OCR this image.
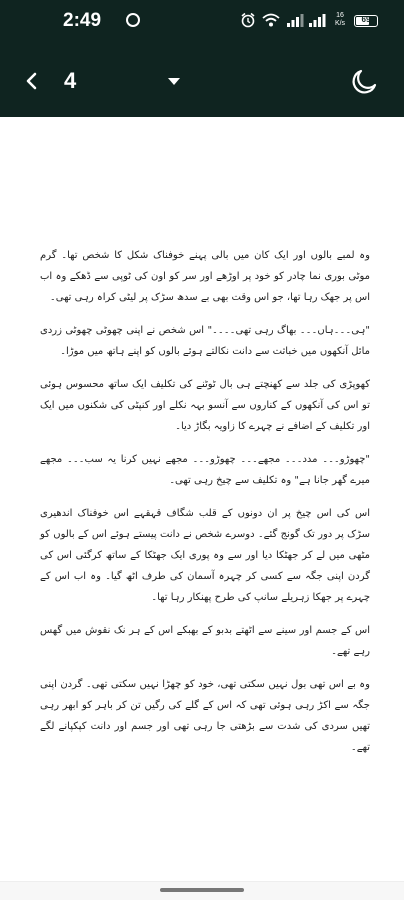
2:49	16
K/s	69
4

وہ لمبے بالوں اور ایک کان میں بالی پہنے خوفناک شکل کا شخص تھا۔ گرم موٹی بوری نما چادر کو خود پر اوڑھے اور سر کو اون کی ٹوپی سے ڈھکے وہ اب اس پر جھک رہا تھا، جو اس وقت بھی بے سدھ سڑک پر لیٹی کراہ رہی تھی۔

"ہی۔۔۔ہاں۔۔۔ بھاگ رہی تھی۔۔۔۔" اس شخص نے اپنی چھوٹی چھوٹی زردی مائل آنکھوں میں خباثت سے دانت نکالتے ہوئے بالوں کو اپنے ہاتھ میں موڑا۔

کھوپڑی کی جلد سے کھنچتے ہی بال ٹوٹنے کی تکلیف ایک ساتھ محسوس ہوئی تو اس کی آنکھوں کے کناروں سے آنسو بہہ نکلے اور کنپٹی کی شکنوں میں ایک اور تکلیف کے اضافے نے چہرے کا زاویہ بگاڑ دیا۔

"چھوڑو۔۔۔ مدد۔۔۔ مجھے۔۔۔ چھوڑو۔۔۔ مجھے نہیں کرنا یہ سب۔۔۔ مجھے میرے گھر جانا ہے" وہ تکلیف سے چیخ رہی تھی۔

اس کی اس چیخ پر ان دونوں کے قلب شگاف قہقہے اس خوفناک اندھیری سڑک پر دور تک گونج گئے۔ دوسرے شخص نے دانت پیستے ہوئے اس کے بالوں کو مٹھی میں لے کر جھٹکا دیا اور سے وہ پوری ایک جھٹکا کے ساتھ کرگئی اس کی گردن اپنی جگہ سے کسی کر چہرہ آسمان کی طرف اٹھ گیا۔ وہ اب اس کے چہرے پر جھکا زہریلے سانپ کی طرح پھنکار رہا تھا۔

اس کے جسم اور سینے سے اٹھتے بدبو کے بھبکے اس کے ہر نک نقوش میں گھس رہے تھے۔

وہ بے اس تھی بول نہیں سکتی تھی، خود کو چھڑا نہیں سکتی تھی۔ گردن اپنی جگہ سے اکڑ رہی ہوئی تھی کہ اس کے گلے کی رگیں تن کر باہر کو ابھر رہی تھیں سردی کی شدت سے بڑھتی جا رہی تھی اور جسم اور دانت کپکپانے لگے تھے۔
